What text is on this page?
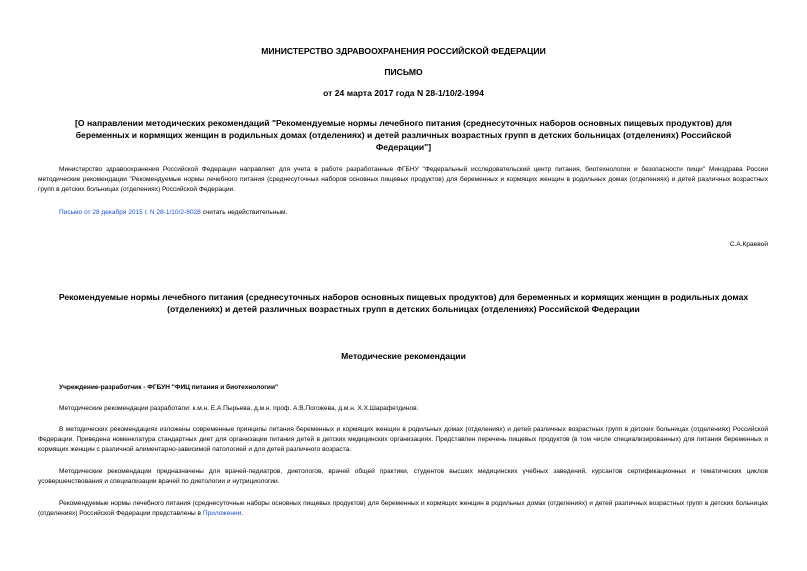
МИНИСТЕРСТВО ЗДРАВООХРАНЕНИЯ РОССИЙСКОЙ ФЕДЕРАЦИИ

ПИСЬМО

от 24 марта 2017 года N 28-1/10/2-1994

[О направлении методических рекомендаций "Рекомендуемые нормы лечебного питания (среднесуточных наборов основных пищевых продуктов) для беременных и кормящих женщин в родильных домах (отделениях) и детей различных возрастных групп в детских больницах (отделениях) Российской Федерации"]

Министерство здравоохранения Российской Федерации направляет для учета в работе разработанные ФГБНУ "Федеральный исследовательский центр питания, биотехнологии и безопасности пищи" Минздрава России методические рекомендации "Рекомендуемые нормы лечебного питания (среднесуточных наборов основных пищевых продуктов) для беременных и кормящих женщин в родильных домах (отделениях) и детей различных возрастных групп в детских больницах (отделениях) Российской Федерации.

Письмо от 28 декабря 2015 г. N 28-1/10/2-8028 считать недействительным.

С.А.Краевой

Рекомендуемые нормы лечебного питания (среднесуточных наборов основных пищевых продуктов) для беременных и кормящих женщин в родильных домах (отделениях) и детей различных возрастных групп в детских больницах (отделениях) Российской Федерации

Методические рекомендации

Учреждение-разработчик - ФГБУН "ФИЦ питания и биотехнологии"

Методические рекомендации разработали: к.м.н. Е.А.Пырьева, д.м.н. проф. А.В.Погожева, д.м.н. Х.Х.Шарафетдинов.

В методических рекомендациях изложены современные принципы питания беременных и кормящих женщин в родильных домах (отделениях) и детей различных возрастных групп в детских больницах (отделениях) Российской Федерации. Приведена номенклатура стандартных диет для организации питания детей в детских медицинских организациях. Представлен перечень пищевых продуктов (в том числе специализированных) для питания беременных и кормящих женщин с различной алиментарно-зависимой патологией и для детей различного возраста.

Методические рекомендации предназначены для врачей-педиатров, диетологов, врачей общей практики, студентов высших медицинских учебных заведений, курсантов сертификационных и тематических циклов усовершенствования и специализации врачей по диетологии и нутрициологии.

Рекомендуемые нормы лечебного питания (среднесуточные наборы основных пищевых продуктов) для беременных и кормящих женщин в родильных домах (отделениях) и детей различных возрастных групп в детских больницах (отделениях) Российской Федерации представлены в Приложении.
